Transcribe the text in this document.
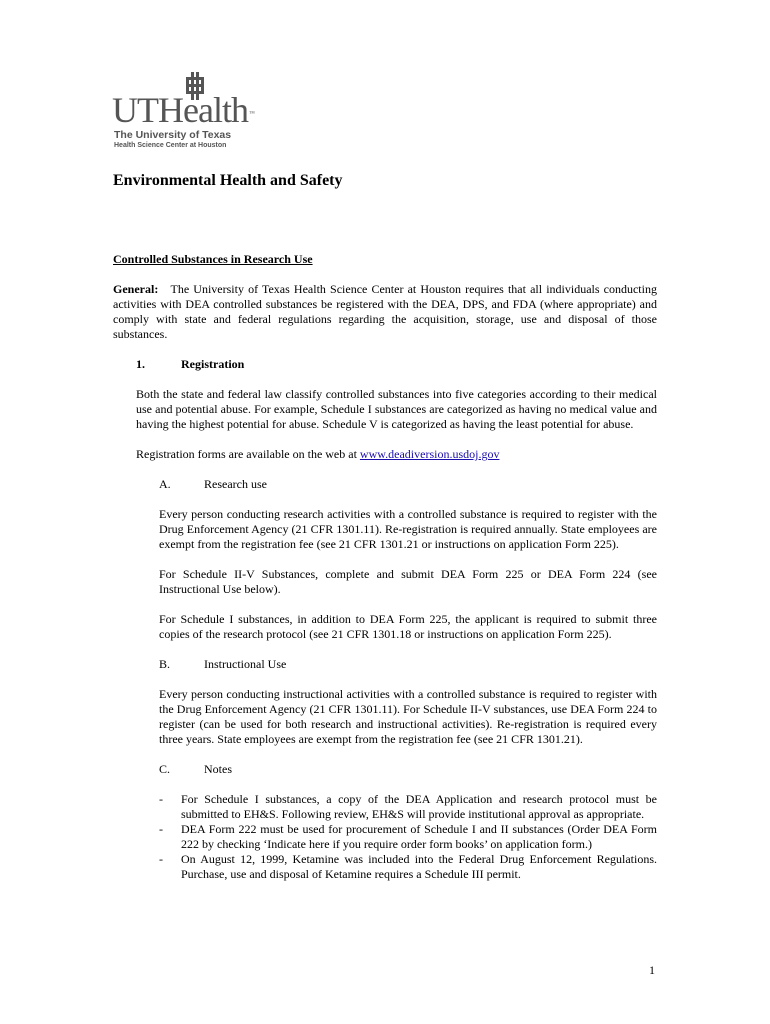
UTHealth™
The University of Texas
Health Science Center at Houston
Environmental Health and Safety
Controlled Substances in Research Use
General: The University of Texas Health Science Center at Houston requires that all individuals conducting activities with DEA controlled substances be registered with the DEA, DPS, and FDA (where appropriate) and comply with state and federal regulations regarding the acquisition, storage, use and disposal of those substances.
1.	Registration
Both the state and federal law classify controlled substances into five categories according to their medical use and potential abuse. For example, Schedule I substances are categorized as having no medical value and having the highest potential for abuse. Schedule V is categorized as having the least potential for abuse.
Registration forms are available on the web at www.deadiversion.usdoj.gov
A.	Research use
Every person conducting research activities with a controlled substance is required to register with the Drug Enforcement Agency (21 CFR 1301.11). Re-registration is required annually. State employees are exempt from the registration fee (see 21 CFR 1301.21 or instructions on application Form 225).
For Schedule II-V Substances, complete and submit DEA Form 225 or DEA Form 224 (see Instructional Use below).
For Schedule I substances, in addition to DEA Form 225, the applicant is required to submit three copies of the research protocol (see 21 CFR 1301.18 or instructions on application Form 225).
B.	Instructional Use
Every person conducting instructional activities with a controlled substance is required to register with the Drug Enforcement Agency (21 CFR 1301.11). For Schedule II-V substances, use DEA Form 224 to register (can be used for both research and instructional activities). Re-registration is required every three years. State employees are exempt from the registration fee (see 21 CFR 1301.21).
C.	Notes
- For Schedule I substances, a copy of the DEA Application and research protocol must be submitted to EH&S. Following review, EH&S will provide institutional approval as appropriate.
- DEA Form 222 must be used for procurement of Schedule I and II substances (Order DEA Form 222 by checking ‘Indicate here if you require order form books’ on application form.)
- On August 12, 1999, Ketamine was included into the Federal Drug Enforcement Regulations. Purchase, use and disposal of Ketamine requires a Schedule III permit.
1
